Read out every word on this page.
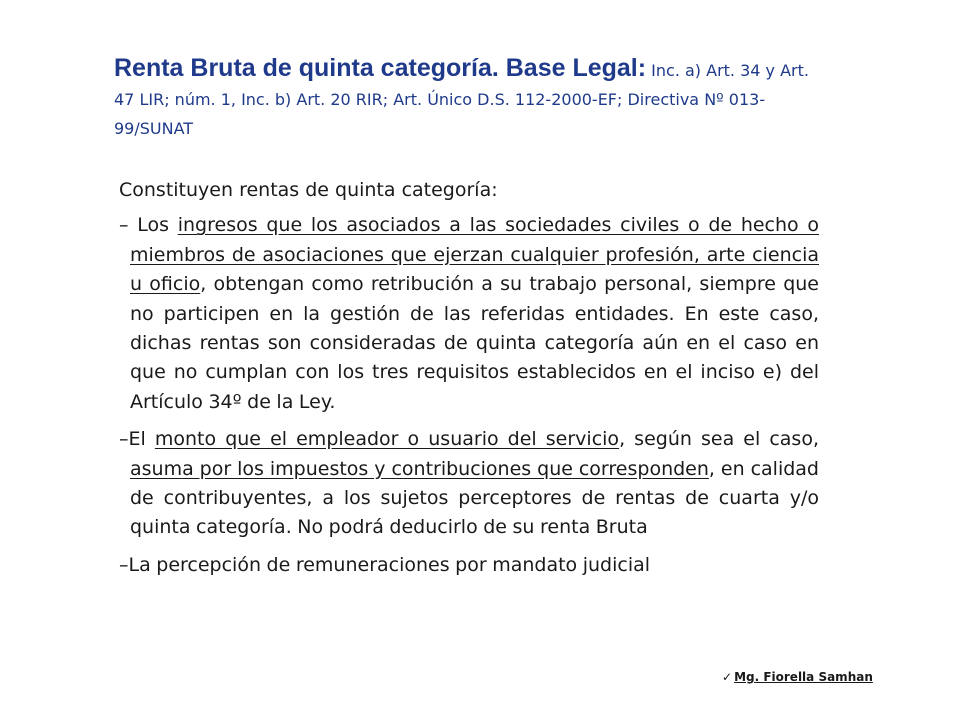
Renta Bruta de quinta categoría. Base Legal: Inc. a) Art. 34 y Art. 47 LIR; núm. 1, Inc. b) Art. 20 RIR; Art. Único D.S. 112-2000-EF; Directiva Nº 013-99/SUNAT

Constituyen rentas de quinta categoría:

– Los ingresos que los asociados a las sociedades civiles o de hecho o miembros de asociaciones que ejerzan cualquier profesión, arte ciencia u oficio, obtengan como retribución a su trabajo personal, siempre que no participen en la gestión de las referidas entidades. En este caso, dichas rentas son consideradas de quinta categoría aún en el caso en que no cumplan con los tres requisitos establecidos en el inciso e) del Artículo 34º de la Ley.

–El monto que el empleador o usuario del servicio, según sea el caso, asuma por los impuestos y contribuciones que corresponden, en calidad de contribuyentes, a los sujetos perceptores de rentas de cuarta y/o quinta categoría. No podrá deducirlo de su renta Bruta

–La percepción de remuneraciones por mandato judicial

✓ Mg. Fiorella Samhan
